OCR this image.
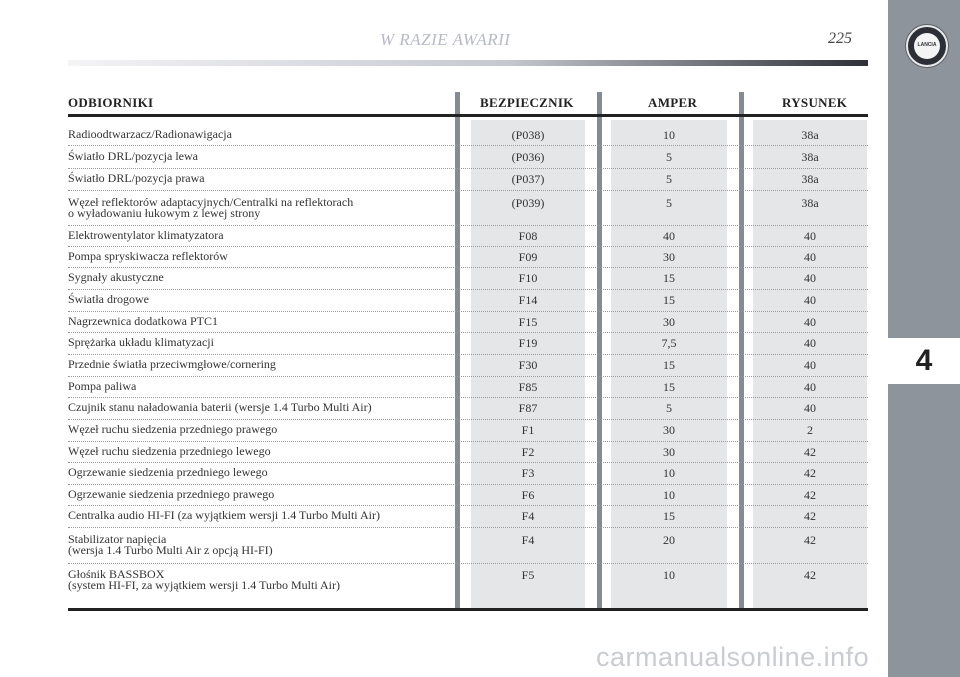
W RAZIE AWARII	225	LANCIA
4
ODBIORNIKI	BEZPIECZNIK	AMPER	RYSUNEK
Radioodtwarzacz/Radionawigacja	(P038)	10	38a
Światło DRL/pozycja lewa	(P036)	5	38a
Światło DRL/pozycja prawa	(P037)	5	38a
Węzeł reflektorów adaptacyjnych/Centralki na reflektorach
o wyładowaniu łukowym z lewej strony
(P039)	5	38a
Elektrowentylator klimatyzatora	F08	40	40
Pompa spryskiwacza reflektorów	F09	30	40
Sygnały akustyczne	F10	15	40
Światła drogowe	F14	15	40
Nagrzewnica dodatkowa PTC1	F15	30	40
Sprężarka układu klimatyzacji	F19	7,5	40
Przednie światła przeciwmgłowe/cornering	F30	15	40
Pompa paliwa	F85	15	40
Czujnik stanu naładowania baterii (wersje 1.4 Turbo Multi Air)	F87	5	40
Węzeł ruchu siedzenia przedniego prawego	F1	30	2
Węzeł ruchu siedzenia przedniego lewego	F2	30	42
Ogrzewanie siedzenia przedniego lewego	F3	10	42
Ogrzewanie siedzenia przedniego prawego	F6	10	42
Centralka audio HI-FI (za wyjątkiem wersji 1.4 Turbo Multi Air)	F4	15	42
Stabilizator napięcia
(wersja 1.4 Turbo Multi Air z opcją HI-FI)
F4	20	42
Głośnik BASSBOX
(system HI-FI, za wyjątkiem wersji 1.4 Turbo Multi Air)
F5	10	42
carmanualsonline.info
